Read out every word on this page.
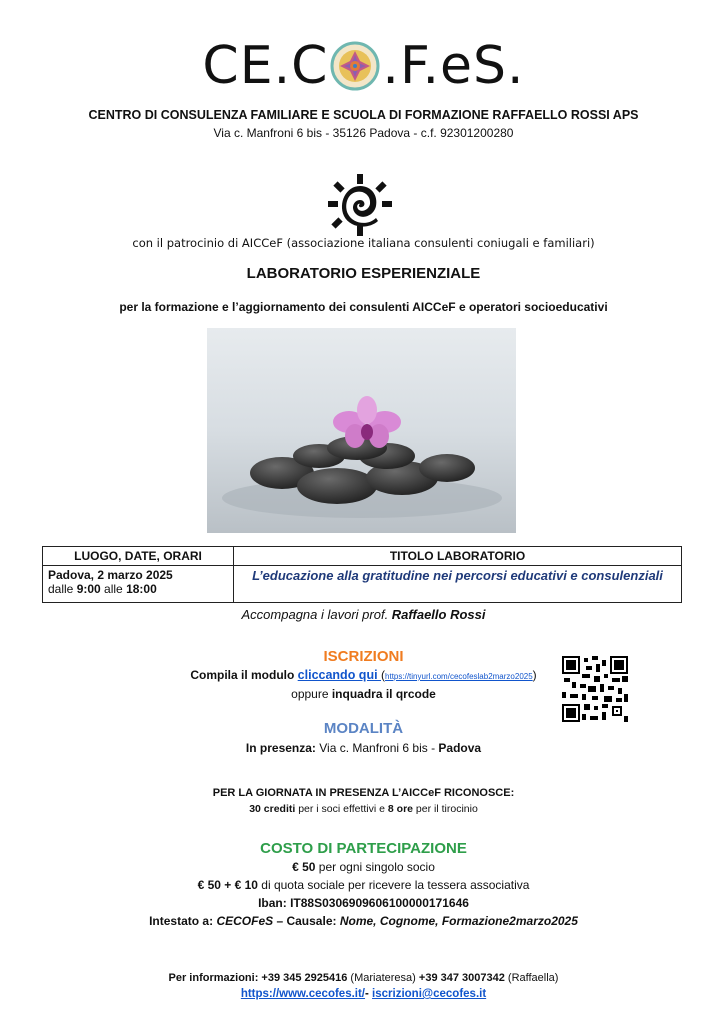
CE.C .F.eS.
CENTRO DI CONSULENZA FAMILIARE E SCUOLA DI FORMAZIONE RAFFAELLO ROSSI APS
Via c. Manfroni 6 bis - 35126 Padova - c.f. 92301200280
con il patrocinio di AICCeF (associazione italiana consulenti coniugali e familiari)
LABORATORIO ESPERIENZIALE
per la formazione e l’aggiornamento dei consulenti AICCeF e operatori socioeducativi
LUOGO, DATE, ORARI	TITOLO LABORATORIO

Padova, 2 marzo 2025
dalle 9:00 alle 18:00	L’educazione alla gratitudine nei percorsi educativi e consulenziali
Accompagna i lavori prof. Raffaello Rossi
ISCRIZIONI
Compila il modulo cliccando qui (https://tinyurl.com/cecofeslab2marzo2025)
oppure inquadra il qrcode
MODALITÀ
In presenza: Via c. Manfroni 6 bis - Padova
PER LA GIORNATA IN PRESENZA L’AICCeF RICONOSCE:
30 crediti per i soci effettivi e 8 ore per il tirocinio
COSTO DI PARTECIPAZIONE
€ 50 per ogni singolo socio
€ 50 + € 10 di quota sociale per ricevere la tessera associativa
Iban: IT88S0306909606100000171646
Intestato a: CECOFeS – Causale: Nome, Cognome, Formazione2marzo2025
Per informazioni: +39 345 2925416 (Mariateresa) +39 347 3007342 (Raffaella)
https://www.cecofes.it/- iscrizioni@cecofes.it
